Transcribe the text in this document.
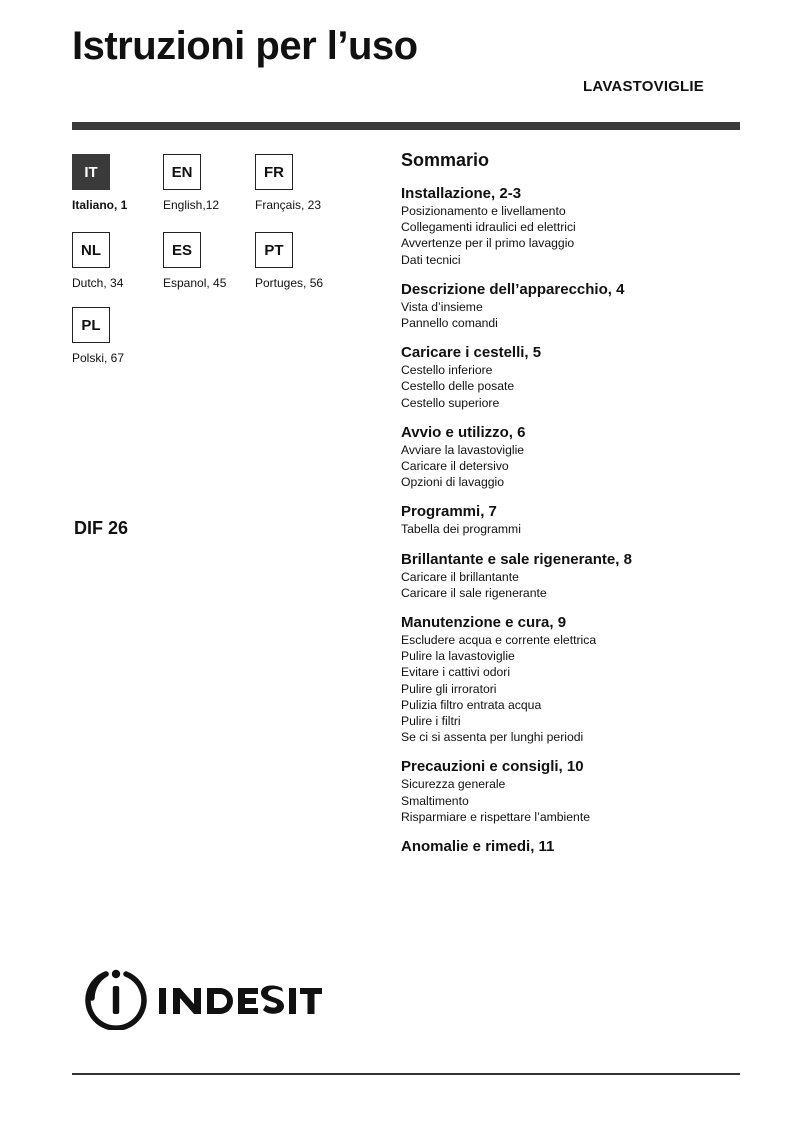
Istruzioni per l’uso
LAVASTOVIGLIE
IT
Italiano, 1
EN
English,12
FR
Français, 23
NL
Dutch, 34
ES
Espanol, 45
PT
Portuges, 56
PL
Polski, 67
DIF 26
Sommario
Installazione, 2-3
Posizionamento e livellamento
Collegamenti idraulici ed elettrici
Avvertenze per il primo lavaggio
Dati tecnici
Descrizione dell’apparecchio, 4
Vista d’insieme
Pannello comandi
Caricare i cestelli, 5
Cestello inferiore
Cestello delle posate
Cestello superiore
Avvio e utilizzo, 6
Avviare la lavastoviglie
Caricare il detersivo
Opzioni di lavaggio
Programmi, 7
Tabella dei programmi
Brillantante e sale rigenerante, 8
Caricare il brillantante
Caricare il sale rigenerante
Manutenzione e cura, 9
Escludere acqua e corrente elettrica
Pulire la lavastoviglie
Evitare i cattivi odori
Pulire gli irroratori
Pulizia filtro entrata acqua
Pulire i filtri
Se ci si assenta per lunghi periodi
Precauzioni e consigli, 10
Sicurezza generale
Smaltimento
Risparmiare e rispettare l’ambiente
Anomalie e rimedi, 11
